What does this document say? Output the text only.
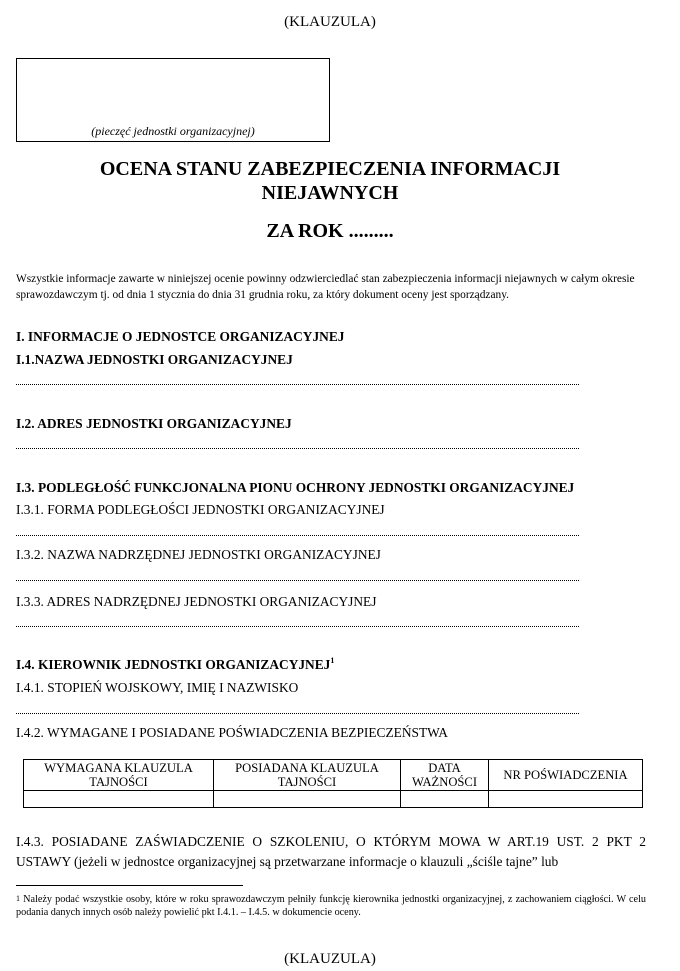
(KLAUZULA)
(pieczęć jednostki organizacyjnej)
OCENA STANU ZABEZPIECZENIA INFORMACJI NIEJAWNYCH
ZA ROK .........
Wszystkie informacje zawarte w niniejszej ocenie powinny odzwierciedlać stan zabezpieczenia informacji niejawnych w całym okresie sprawozdawczym tj. od dnia 1 stycznia do dnia 31 grudnia roku, za który dokument oceny jest sporządzany.
I. INFORMACJE O JEDNOSTCE ORGANIZACYJNEJ
I.1.NAZWA JEDNOSTKI ORGANIZACYJNEJ
I.2. ADRES JEDNOSTKI ORGANIZACYJNEJ
I.3. PODLEGŁOŚĆ FUNKCJONALNA PIONU OCHRONY JEDNOSTKI ORGANIZACYJNEJ
I.3.1. FORMA PODLEGŁOŚCI JEDNOSTKI ORGANIZACYJNEJ
I.3.2. NAZWA NADRZĘDNEJ JEDNOSTKI ORGANIZACYJNEJ
I.3.3. ADRES NADRZĘDNEJ JEDNOSTKI ORGANIZACYJNEJ
I.4. KIEROWNIK JEDNOSTKI ORGANIZACYJNEJ$^1$
I.4.1. STOPIEŃ WOJSKOWY, IMIĘ I NAZWISKO
I.4.2. WYMAGANE I POSIADANE POŚWIADCZENIA BEZPIECZEŃSTWA
WYMAGANA KLAUZULA TAJNOŚCI	POSIADANA KLAUZULA TAJNOŚCI	DATA WAŻNOŚCI	NR POŚWIADCZENIA

I.4.3. POSIADANE ZAŚWIADCZENIE O SZKOLENIU, O KTÓRYM MOWA W ART.19 UST. 2 PKT 2 USTAWY (jeżeli w jednostce organizacyjnej są przetwarzane informacje o klauzuli „ściśle tajne” lub
$^1$ Należy podać wszystkie osoby, które w roku sprawozdawczym pełniły funkcję kierownika jednostki organizacyjnej, z zachowaniem ciągłości. W celu podania danych innych osób należy powielić pkt I.4.1. – I.4.5. w dokumencie oceny.
(KLAUZULA)
